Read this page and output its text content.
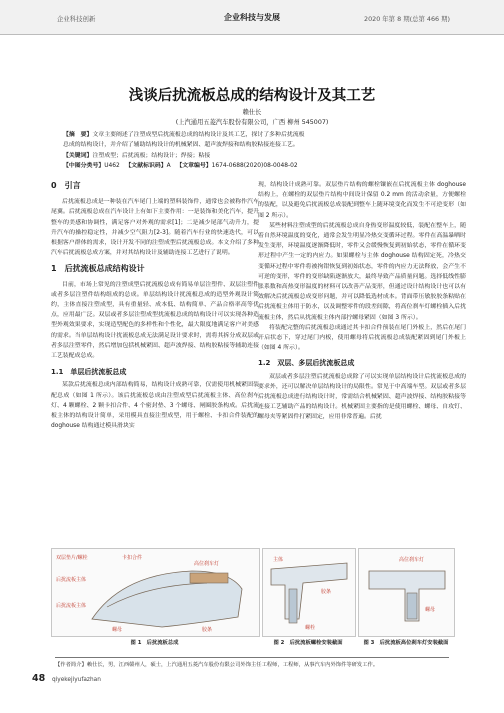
企业科技创新	企业科技与发展	2020 年第 8 期(总第 466 期)
浅谈后扰流板总成的结构设计及其工艺
赖仕长
(上汽通用五菱汽车股份有限公司，广西 柳州 545007)
【摘　要】文章主要阐述了注塑成型后扰流板总成的结构设计及其工艺，探讨了多种后扰流板
总成的结构设计，并介绍了辅助结构设计的机械紧固、超声波焊接和结构胶粘接连接工艺。
【关键词】注塑成型；后扰流板；结构设计；焊接；粘接
【中图分类号】U462 【文献标识码】A 【文章编号】1674-0688(2020)08-0048-02
0　引言

后扰流板总成是一种装在汽车尾门上端的塑料装饰件，通常也会被称作汽车尾翼。后扰流板总成在汽车设计上有如下主要作用：一是装饰和美化汽车，提升整车的美感和协调性，满足客户对外观的需求[1]；二是减少尾部气动升力，提升汽车的操控稳定性，并减少空气阻力[2-3]。随着汽车行业的快速迭代，可以根据客户群体的需求，设计开发不同的注塑成型后扰流板总成。本文介绍了多种汽车后扰流板总成方案，并对其结构设计及辅助连接工艺进行了说明。

1　后扰流板总成结构设计

目前，市场上常见的注塑成型后扰流板总成有简易单层注塑件、双层注塑件或者多层注塑件结构组成的总成。单层结构设计扰流板总成的造型外观设计简约，主体直接注塑成型，具有重量轻、成本低、结构简单、产品合格率高等优点，应用最广泛。双层或者多层注塑成型扰流板总成的结构设计可以实现各种造型外观效果要求，实现造型配色的多样性和个性化，最大限度地满足客户对美感的需求。当单层结构设计扰流板总成无法满足设计要求时，需将其拆分成双层或者多层注塑零件，然后增加包括机械紧固、超声波焊接、结构胶粘接等辅助连接工艺装配成总成。

1.1　单层后扰流板总成

某款后扰流板总成内部结构简易，结构设计成熟可靠，仅需使用机械紧固装配总成（如图 1 所示）。该后扰流板总成由注塑成型后扰流板主体、高位刹车灯、4 颗螺栓、2 颗卡扣合件、4 个密封垫、3 个螺母、闸圈胶条构成。后扰流板主体的结构设计简单，采用模具直接注塑成型，用于螺栓、卡扣合件装配的 doghouse 结构通过模具滑块实

现，结构设计成熟可靠。双层垫片结构的螺栓镶嵌在后扰流板主体 doghouse 结构上，在螺栓的双层垫片结构中间设计保留 0.2 mm 的活动余量，方便螺栓的装配，以及避免后扰流板总成装配到整车上随环境变化而发生不可逆变形（如图 2 所示）。

某些材料注塑成型的后扰流板总成自身热变形温度较低，装配在整车上，随着自然环境温度的变化，通常会发生明显冷热交变循环过程。零件在高温暴晒时发生变形，环境温度逐渐降低时，零件又会缓慢恢复到初始状态，零件在循环变形过程中产生一定的内应力。如果螺栓与主体 doghouse 结构固定死，冷热交变循环过程中零件将被拘钳恢复到初始状态，零件的内应力无法释放，会产生不可逆的变形，零件的变形缺陷逐渐放大，最终导致产品质量问题。选择低线性膨胀系数和高热变形温度的材料可以改善产品变形，但通过设计结构设计也可以有效解决后扰流板总成变形问题，并可以降低选材成本。背面带压敏胶胶条粘贴在后扰流板主体用于防水，以及调整零件的段差间隙，将高位刹车灯螺栓插入后扰流板主体，然后从扰流板主体内部拧螺母紧固（如图 3 所示）。

将装配完整的后扰流板总成通过其卡扣合件预装在尾门外板上，然后在尾门开启状态下，穿过尾门内板，使用螺母将后扰流板总成装配紧固到尾门外板上（如图 4 所示）。

1.2　双层、多层后扰流板总成

双层或者多层注塑后扰流板总成除了可以实现单层结构设计后扰流板总成的要求外，还可以解决单层结构设计的局限性。常见于中高端车型。双层或者多层后扰流板总成进行结构设计时，常需结合机械紧固、超声波焊接、结构胶粘接等连接工艺辅助产品的结构设计。机械紧固主要指的是使用螺栓、螺母、自攻钉、螺母夹等紧固件打紧固定，应用非常普遍。后扰

双层垫片/螺栓	卡扣合件
后扰流板主体
后扰流板主体
高位刹车灯
螺母	胶条
图 1　后扰流板总成
主体
胶条
螺栓
图 2　后扰流板螺栓安装截面
高位刹车灯
螺母
图 3　后扰流板高位刹车灯安装截面
【作者简介】赖仕长，男，江西赣州人，硕士，上汽通用五菱汽车股份有限公司外饰主任工程师，工程师，从事汽车内外饰件等研发工作。
48 qiyekejiyufazhan
